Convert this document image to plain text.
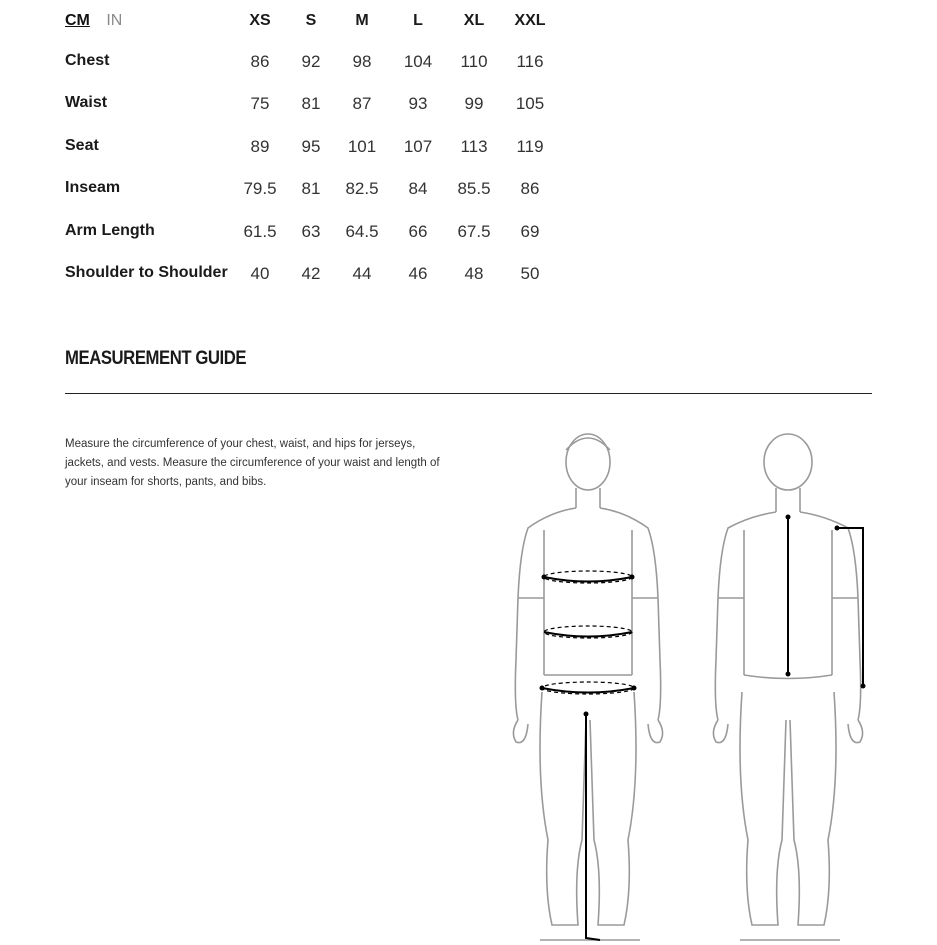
CM IN	XS	S	M	L	XL	XXL
Chest	86	92	98	104	110	116
Waist	75	81	87	93	99	105
Seat	89	95	101	107	113	119
Inseam	79.5	81	82.5	84	85.5	86
Arm Length	61.5	63	64.5	66	67.5	69
Shoulder to Shoulder	40	42	44	46	48	50
MEASUREMENT GUIDE
Measure the circumference of your chest, waist, and hips for jerseys, jackets, and vests. Measure the circumference of your waist and length of your inseam for shorts, pants, and bibs.
